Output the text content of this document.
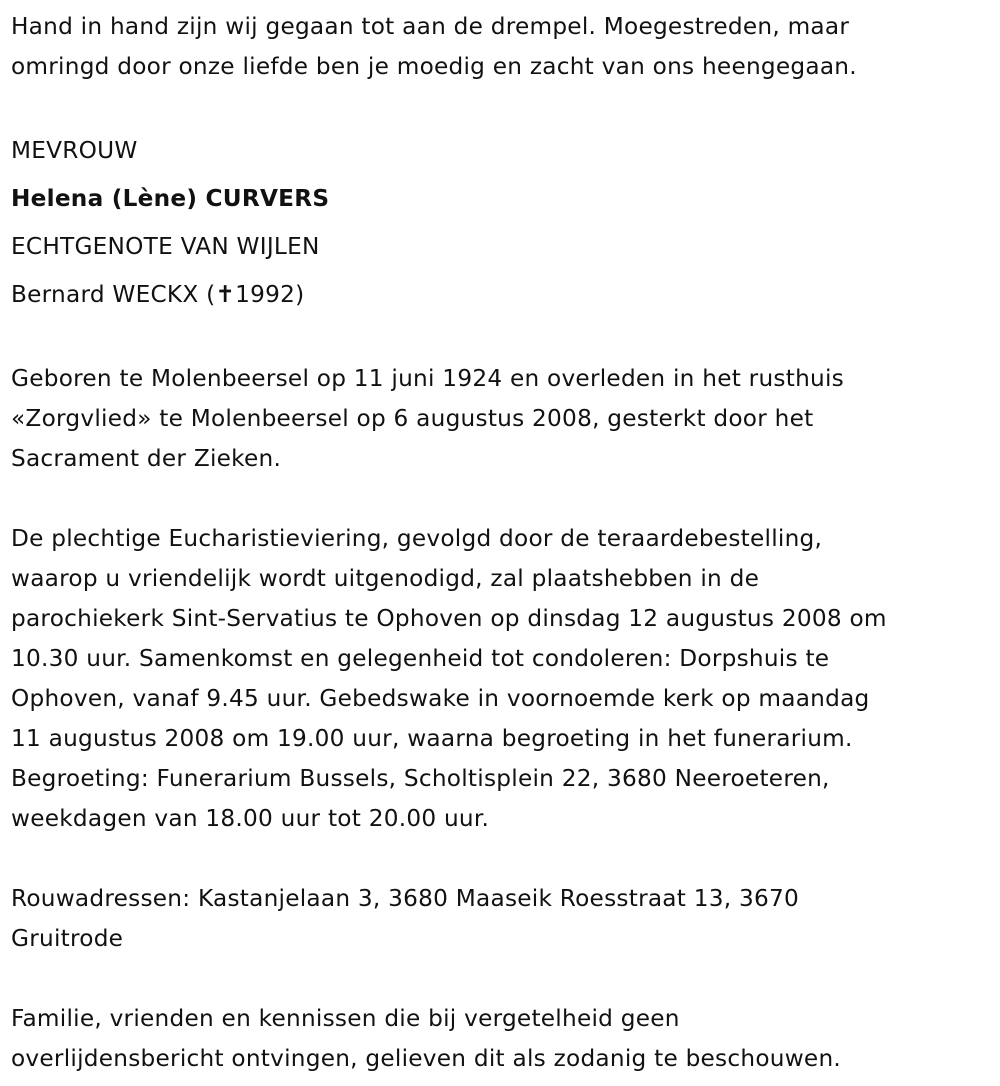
Hand in hand zijn wij gegaan tot aan de drempel. Moegestreden, maar
omringd door onze liefde ben je moedig en zacht van ons heengegaan.
MEVROUW
Helena (Lène) CURVERS
ECHTGENOTE VAN WIJLEN
Bernard WECKX (✝1992)
Geboren te Molenbeersel op 11 juni 1924 en overleden in het rusthuis
«Zorgvlied» te Molenbeersel op 6 augustus 2008, gesterkt door het
Sacrament der Zieken.
De plechtige Eucharistieviering, gevolgd door de teraardebestelling,
waarop u vriendelijk wordt uitgenodigd, zal plaatshebben in de
parochiekerk Sint-Servatius te Ophoven op dinsdag 12 augustus 2008 om
10.30 uur. Samenkomst en gelegenheid tot condoleren: Dorpshuis te
Ophoven, vanaf 9.45 uur. Gebedswake in voornoemde kerk op maandag
11 augustus 2008 om 19.00 uur, waarna begroeting in het funerarium.
Begroeting: Funerarium Bussels, Scholtisplein 22, 3680 Neeroeteren,
weekdagen van 18.00 uur tot 20.00 uur.
Rouwadressen: Kastanjelaan 3, 3680 Maaseik Roesstraat 13, 3670
Gruitrode
Familie, vrienden en kennissen die bij vergetelheid geen
overlijdensbericht ontvingen, gelieven dit als zodanig te beschouwen.
